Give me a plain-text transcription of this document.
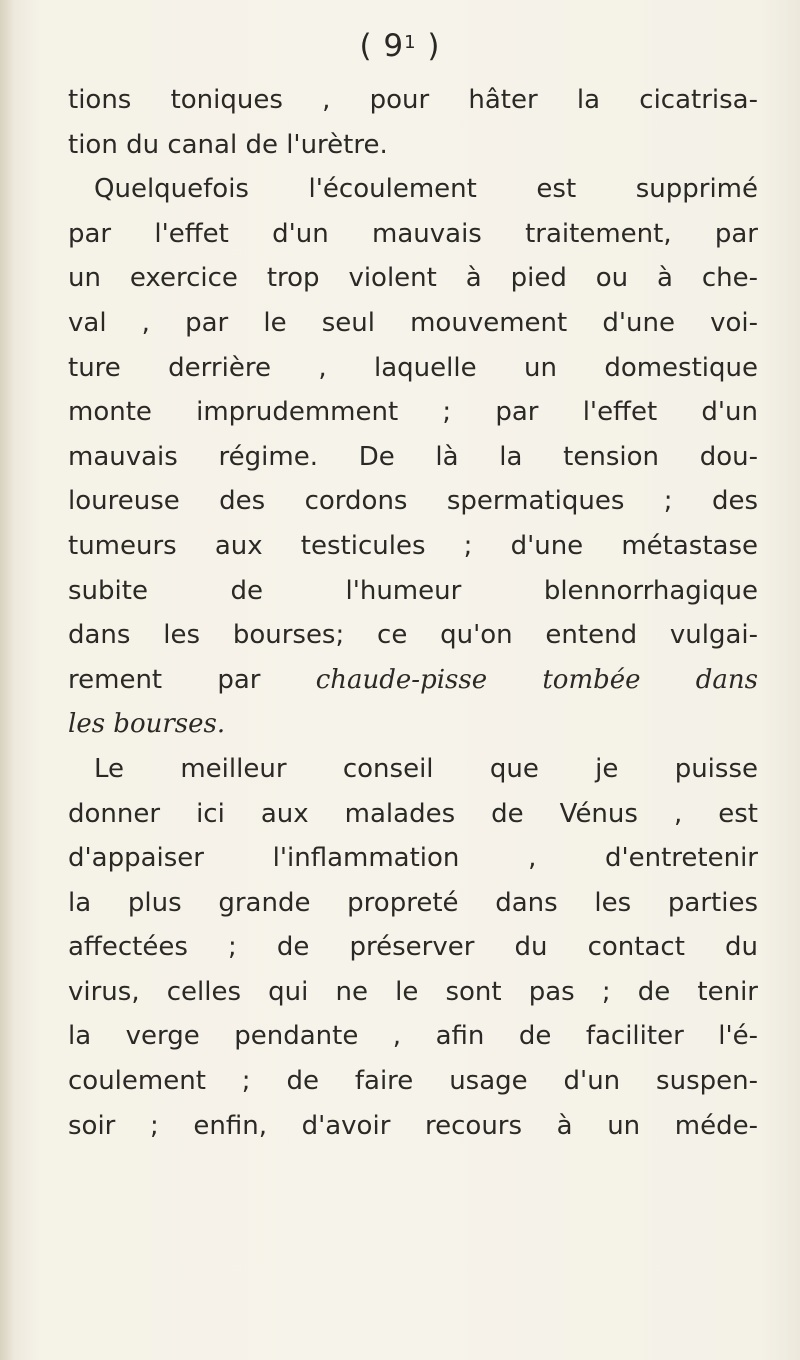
( $9^1$ )
tions toniques , pour hâter la cicatrisa-
tion du canal de l'urètre.
Quelquefois l'écoulement est supprimé
par l'effet d'un mauvais traitement, par
un exercice trop violent à pied ou à che-
val , par le seul mouvement d'une voi-
ture derrière , laquelle un domestique
monte imprudemment ; par l'effet d'un
mauvais régime. De là la tension dou-
loureuse des cordons spermatiques ; des
tumeurs aux testicules ; d'une métastase
subite de l'humeur blennorrhagique
dans les bourses; ce qu'on entend vulgai-
rement par chaude-pisse tombée dans
les bourses.
Le meilleur conseil que je puisse
donner ici aux malades de Vénus , est
d'appaiser l'inflammation , d'entretenir
la plus grande propreté dans les parties
affectées ; de préserver du contact du
virus, celles qui ne le sont pas ; de tenir
la verge pendante , afin de faciliter l'é-
coulement ; de faire usage d'un suspen-
soir ; enfin, d'avoir recours à un méde-
